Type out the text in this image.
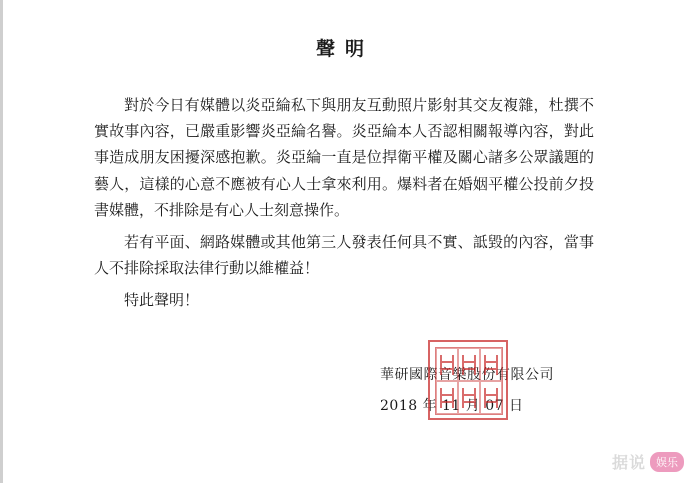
聲明

對於今日有媒體以炎亞綸私下與朋友互動照片影射其交友複雜，杜撰不實故事內容，已嚴重影響炎亞綸名譽。炎亞綸本人否認相關報導內容，對此事造成朋友困擾深感抱歉。炎亞綸一直是位捍衛平權及關心諸多公眾議題的藝人，這樣的心意不應被有心人士拿來利用。爆料者在婚姻平權公投前夕投書媒體，不排除是有心人士刻意操作。

若有平面、網路媒體或其他第三人發表任何具不實、詆毀的內容，當事人不排除採取法律行動以維權益！

特此聲明！

華研國際音樂股份有限公司
2018 年 11 月 07 日
据说 娱乐
